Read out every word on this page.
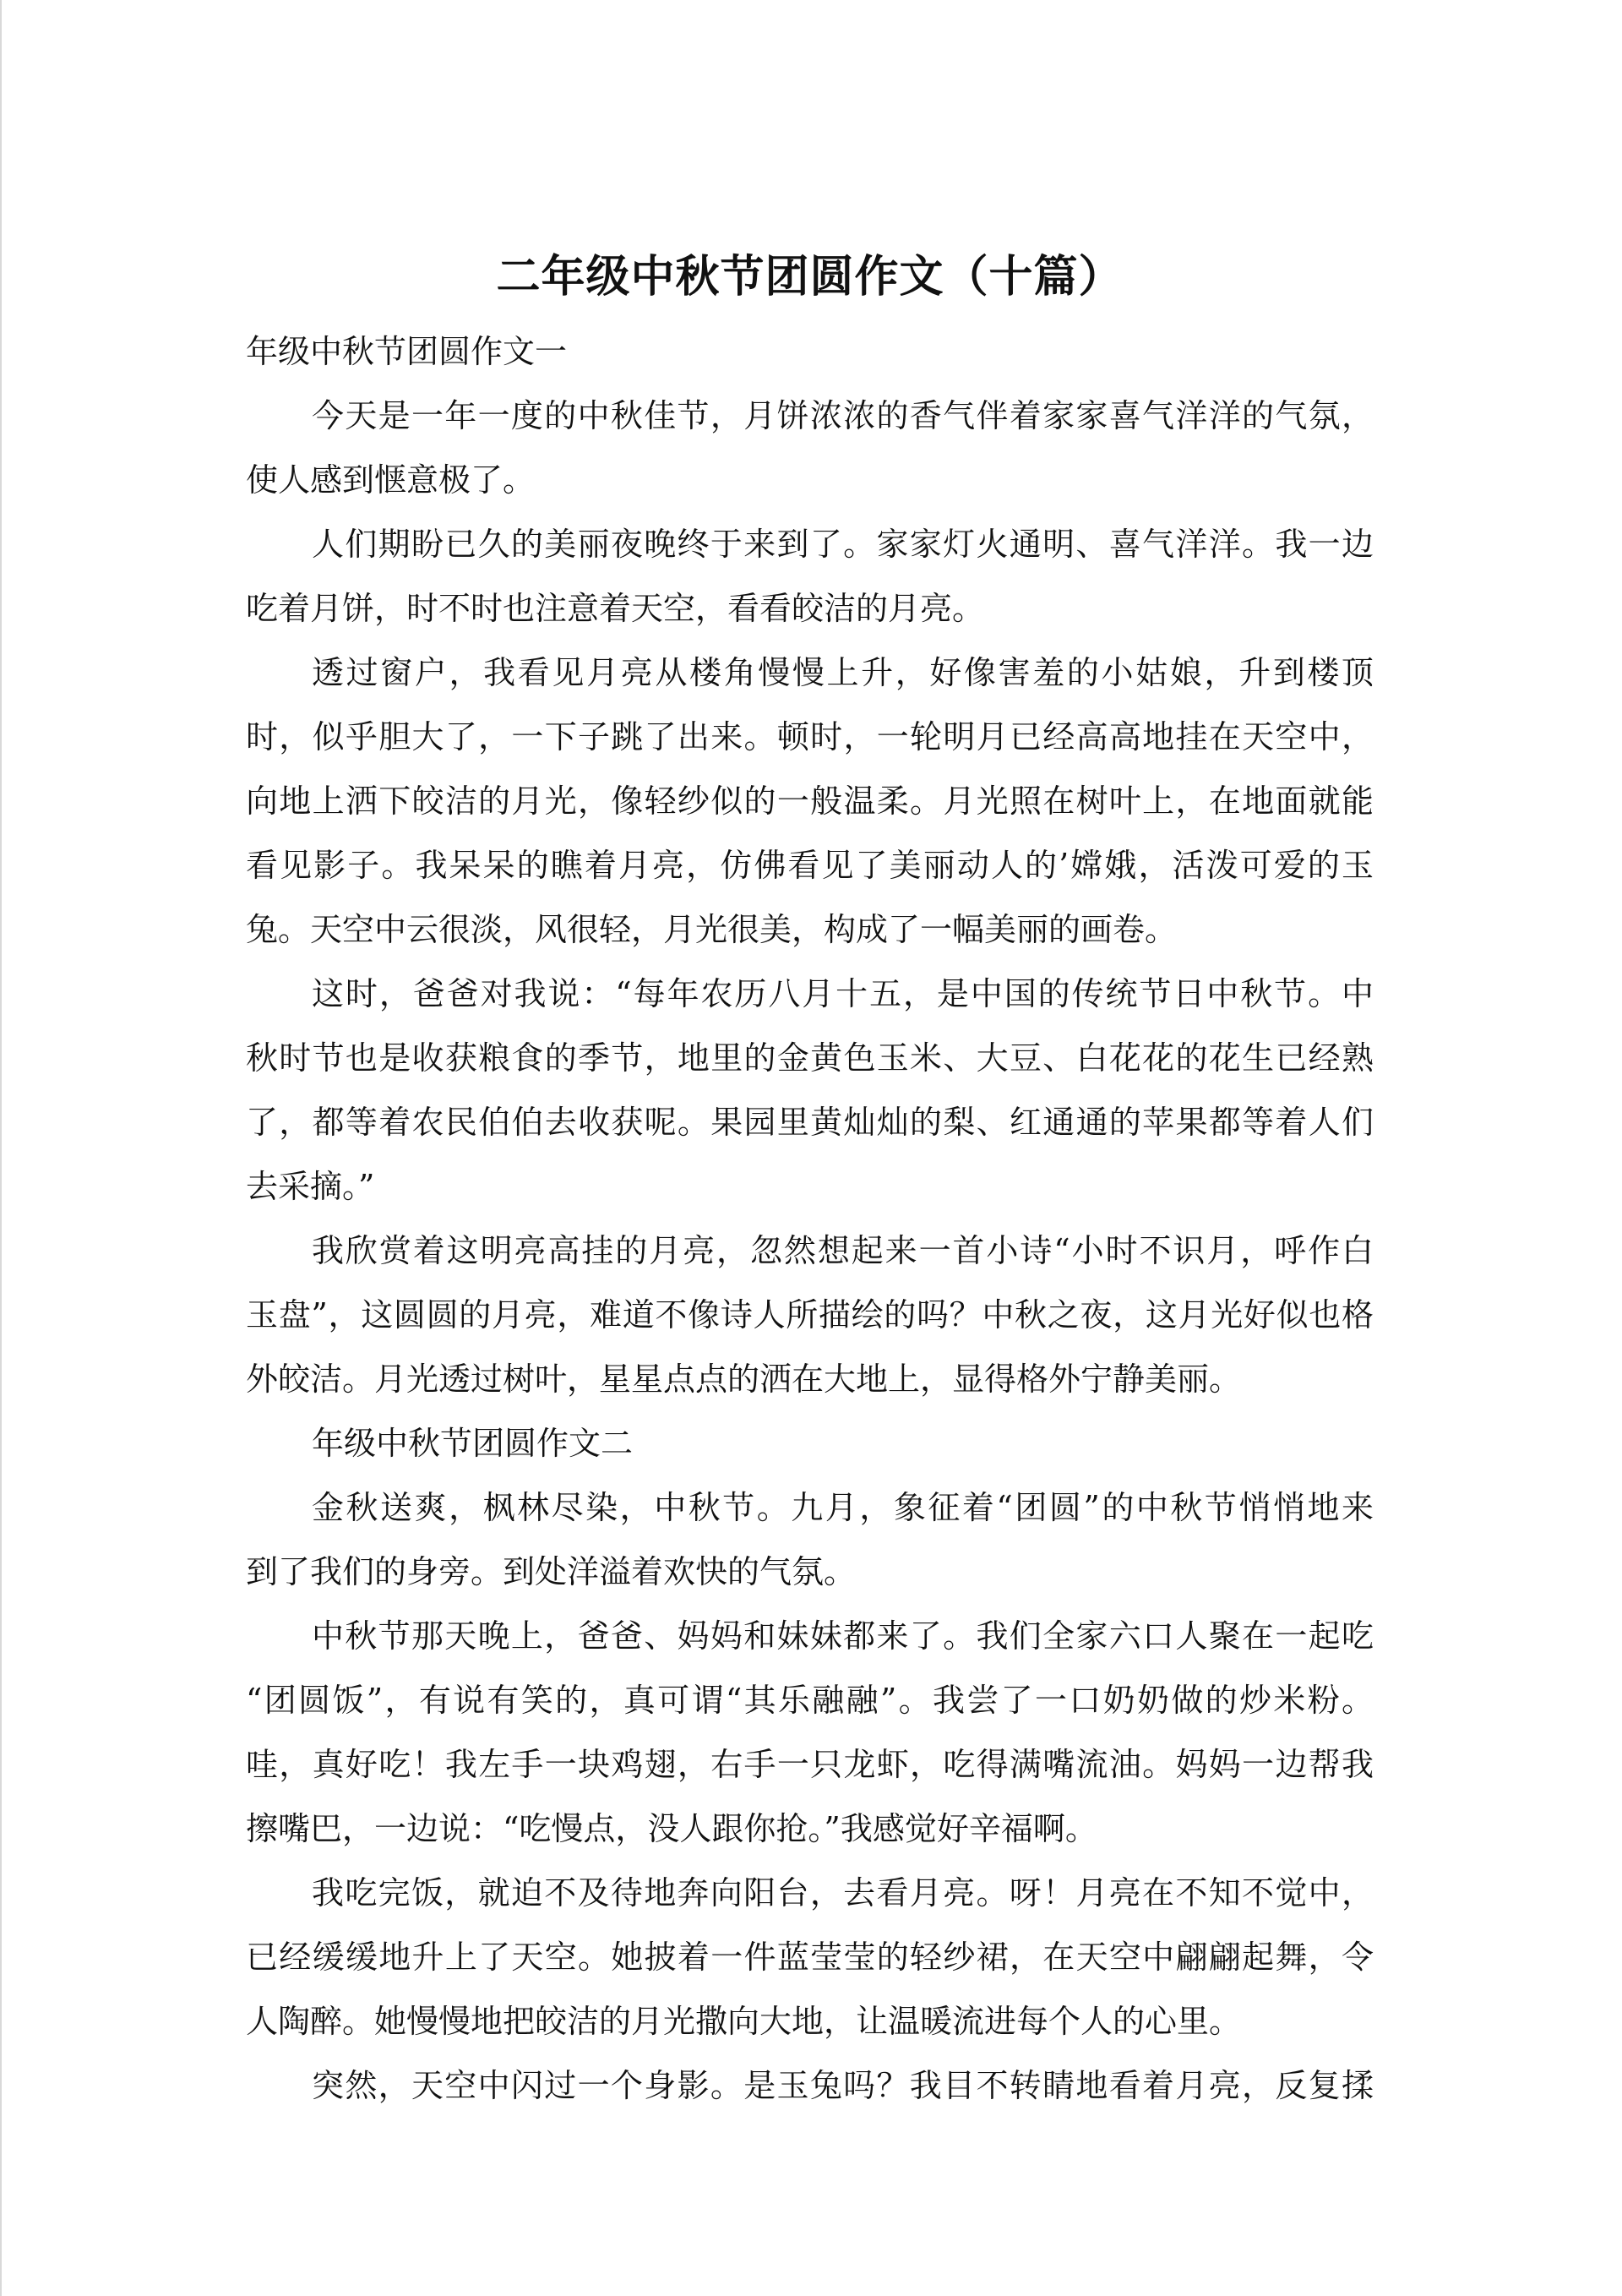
二年级中秋节团圆作文（十篇）
年级中秋节团圆作文一
今天是一年一度的中秋佳节，月饼浓浓的香气伴着家家喜气洋洋的气氛，
使人感到惬意极了。
人们期盼已久的美丽夜晚终于来到了。家家灯火通明、喜气洋洋。我一边
吃着月饼，时不时也注意着天空，看看皎洁的月亮。
透过窗户，我看见月亮从楼角慢慢上升，好像害羞的小姑娘，升到楼顶
时，似乎胆大了，一下子跳了出来。顿时，一轮明月已经高高地挂在天空中，
向地上洒下皎洁的月光，像轻纱似的一般温柔。月光照在树叶上，在地面就能
看见影子。我呆呆的瞧着月亮，仿佛看见了美丽动人的’嫦娥，活泼可爱的玉
兔。天空中云很淡，风很轻，月光很美，构成了一幅美丽的画卷。
这时，爸爸对我说：“每年农历八月十五，是中国的传统节日中秋节。中
秋时节也是收获粮食的季节，地里的金黄色玉米、大豆、白花花的花生已经熟
了，都等着农民伯伯去收获呢。果园里黄灿灿的梨、红通通的苹果都等着人们
去采摘。”
我欣赏着这明亮高挂的月亮，忽然想起来一首小诗“小时不识月，呼作白
玉盘”，这圆圆的月亮，难道不像诗人所描绘的吗？中秋之夜，这月光好似也格
外皎洁。月光透过树叶，星星点点的洒在大地上，显得格外宁静美丽。
年级中秋节团圆作文二
金秋送爽，枫林尽染，中秋节。九月，象征着“团圆”的中秋节悄悄地来
到了我们的身旁。到处洋溢着欢快的气氛。
中秋节那天晚上，爸爸、妈妈和妹妹都来了。我们全家六口人聚在一起吃
“团圆饭”，有说有笑的，真可谓“其乐融融”。我尝了一口奶奶做的炒米粉。
哇，真好吃！我左手一块鸡翅，右手一只龙虾，吃得满嘴流油。妈妈一边帮我
擦嘴巴，一边说：“吃慢点，没人跟你抢。”我感觉好辛福啊。
我吃完饭，就迫不及待地奔向阳台，去看月亮。呀！月亮在不知不觉中，
已经缓缓地升上了天空。她披着一件蓝莹莹的轻纱裙，在天空中翩翩起舞，令
人陶醉。她慢慢地把皎洁的月光撒向大地，让温暖流进每个人的心里。
突然，天空中闪过一个身影。是玉兔吗？我目不转睛地看着月亮，反复揉
